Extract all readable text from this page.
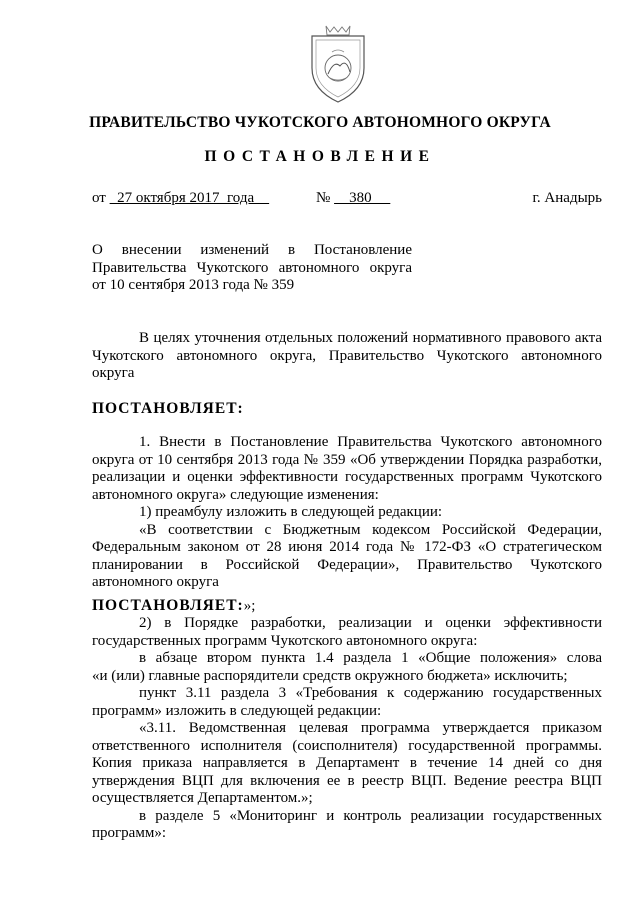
ПРАВИТЕЛЬСТВО ЧУКОТСКОГО АВТОНОМНОГО ОКРУГА
ПОСТАНОВЛЕНИЕ
от   27 октября 2017  года	№     380	г. Анадырь
О внесении изменений в Постановление
Правительства Чукотского автономного округа
от 10 сентября 2013 года № 359
В целях уточнения отдельных положений нормативного правового акта
Чукотского автономного округа, Правительство Чукотского автономного
округа
ПОСТАНОВЛЯЕТ:
1. Внести в Постановление Правительства Чукотского автономного
округа от 10 сентября 2013 года № 359 «Об утверждении Порядка разработки,
реализации и оценки эффективности государственных программ Чукотского
автономного округа» следующие изменения:
1) преамбулу изложить в следующей редакции:
«В соответствии с Бюджетным кодексом Российской Федерации,
Федеральным законом от 28 июня 2014 года № 172-ФЗ «О стратегическом
планировании в Российской Федерации», Правительство Чукотского
автономного округа
ПОСТАНОВЛЯЕТ:»;
2) в Порядке разработки, реализации и оценки эффективности
государственных программ Чукотского автономного округа:
в абзаце втором пункта 1.4 раздела 1 «Общие положения» слова
«и (или) главные распорядители средств окружного бюджета» исключить;
пункт 3.11 раздела 3 «Требования к содержанию государственных
программ» изложить в следующей редакции:
«3.11. Ведомственная целевая программа утверждается приказом
ответственного исполнителя (соисполнителя) государственной программы.
Копия приказа направляется в Департамент в течение 14 дней со дня
утверждения ВЦП для включения ее в реестр ВЦП. Ведение реестра ВЦП
осуществляется Департаментом.»;
в разделе 5 «Мониторинг и контроль реализации государственных
программ»:
